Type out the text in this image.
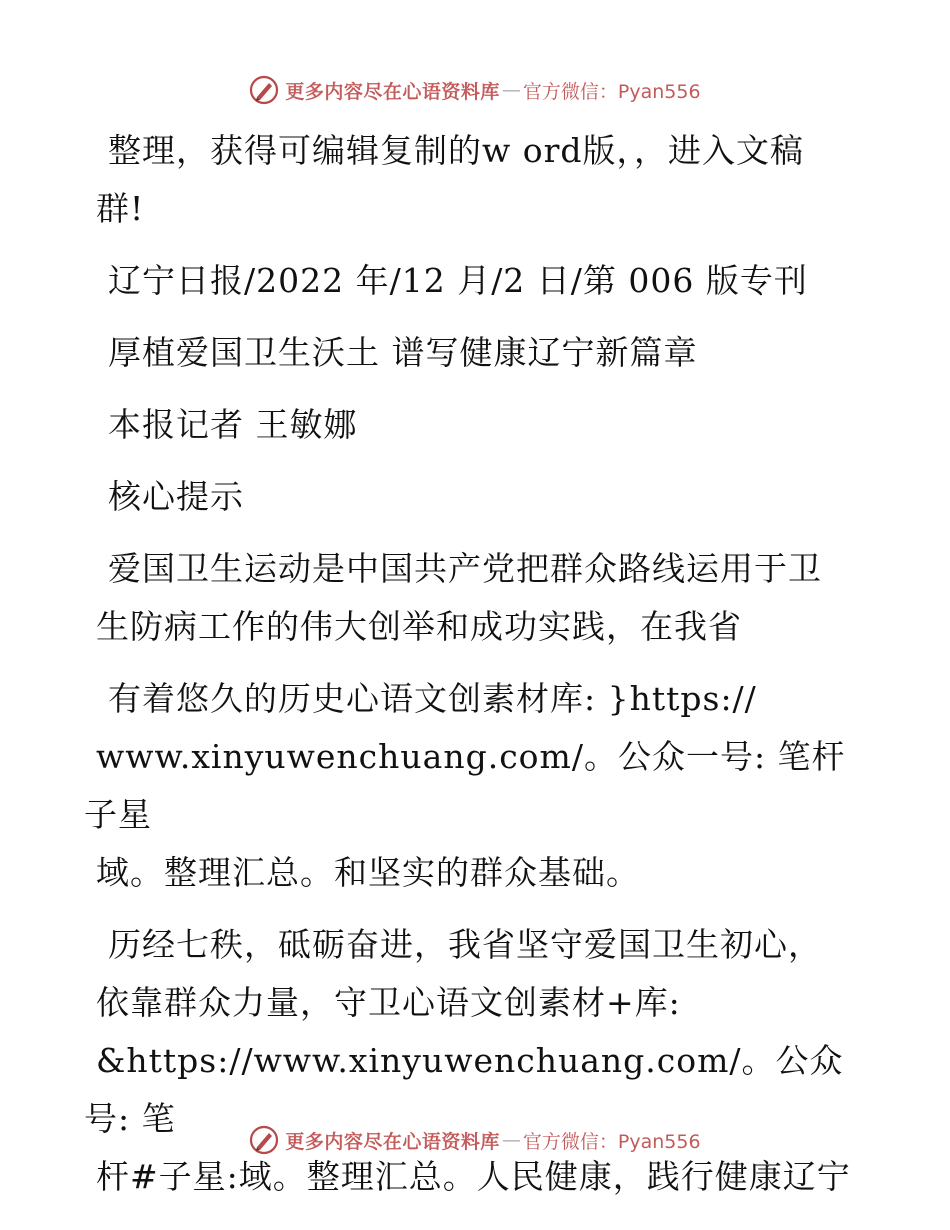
更多内容尽在心语资料库 — 官方微信：Pyan556

整理，获得可编辑复制的w ord版，，进入文稿
群!

辽宁日报/2022 年/12 月/2 日/第 006 版专刊

厚植爱国卫生沃土 谱写健康辽宁新篇章

本报记者 王敏娜

核心提示

爱国卫生运动是中国共产党把群众路线运用于卫
生防病工作的伟大创举和成功实践，在我省

有着悠久的历史心语文创素材库: }https://
www.xinyuwenchuang.com/。公众一号: 笔杆子星
域。整理汇总。和坚实的群众基础。

历经七秩，砥砺奋进，我省坚守爱国卫生初心，
依靠群众力量，守卫心语文创素材+库:
&https://www.xinyuwenchuang.com/。公众号: 笔
杆#子星:域。整理汇总。人民健康，践行健康辽宁

更多内容尽在心语资料库 — 官方微信：Pyan556
